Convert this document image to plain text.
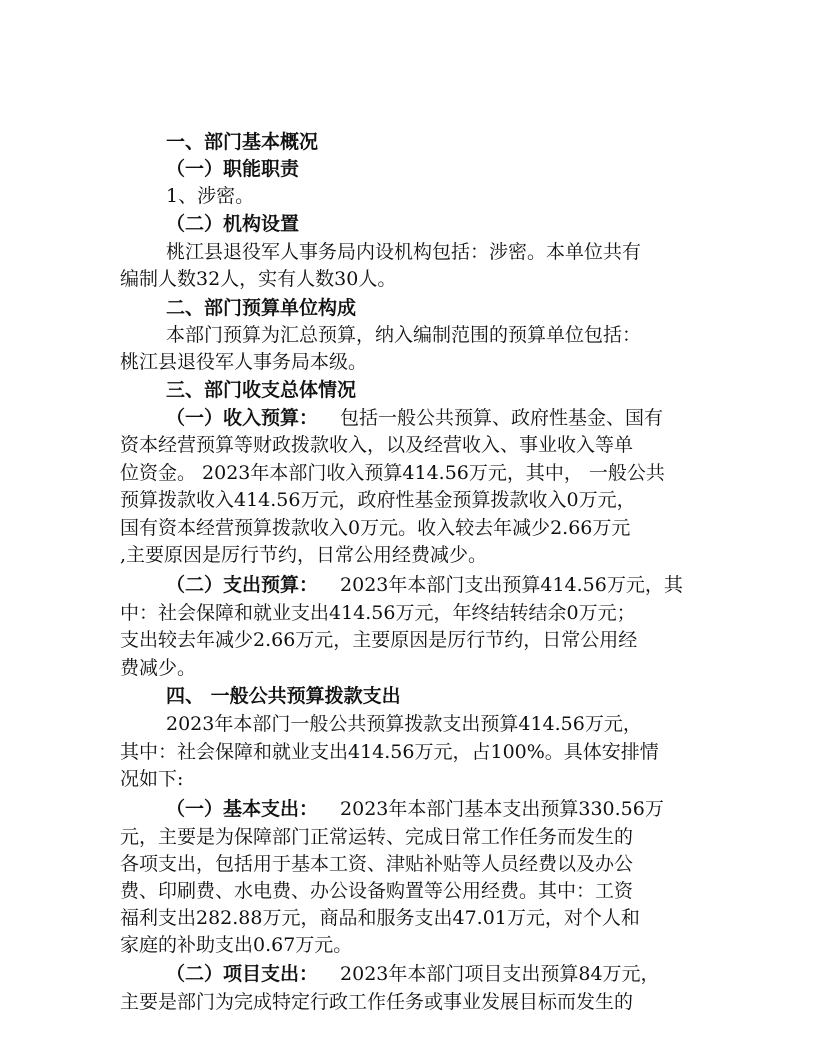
一、部门基本概况
（一）职能职责
1、涉密。
（二）机构设置
桃江县退役军人事务局内设机构包括：涉密。本单位共有
编制人数32人，实有人数30人。
二、部门预算单位构成
本部门预算为汇总预算，纳入编制范围的预算单位包括：
桃江县退役军人事务局本级。
三、部门收支总体情况
（一）收入预算： 包括一般公共预算、政府性基金、国有
资本经营预算等财政拨款收入，以及经营收入、事业收入等单
位资金。 2023年本部门收入预算414.56万元，其中， 一般公共
预算拨款收入414.56万元，政府性基金预算拨款收入0万元，
国有资本经营预算拨款收入0万元。收入较去年减少2.66万元
,主要原因是厉行节约，日常公用经费减少。
（二）支出预算： 2023年本部门支出预算414.56万元，其
中：社会保障和就业支出414.56万元，年终结转结余0万元；
支出较去年减少2.66万元，主要原因是厉行节约，日常公用经
费减少。
四、 一般公共预算拨款支出
2023年本部门一般公共预算拨款支出预算414.56万元，
其中：社会保障和就业支出414.56万元，占100%。具体安排情
况如下:
（一）基本支出： 2023年本部门基本支出预算330.56万
元，主要是为保障部门正常运转、完成日常工作任务而发生的
各项支出，包括用于基本工资、津贴补贴等人员经费以及办公
费、印刷费、水电费、办公设备购置等公用经费。其中：工资
福利支出282.88万元，商品和服务支出47.01万元，对个人和
家庭的补助支出0.67万元。
（二）项目支出： 2023年本部门项目支出预算84万元，
主要是部门为完成特定行政工作任务或事业发展目标而发生的
